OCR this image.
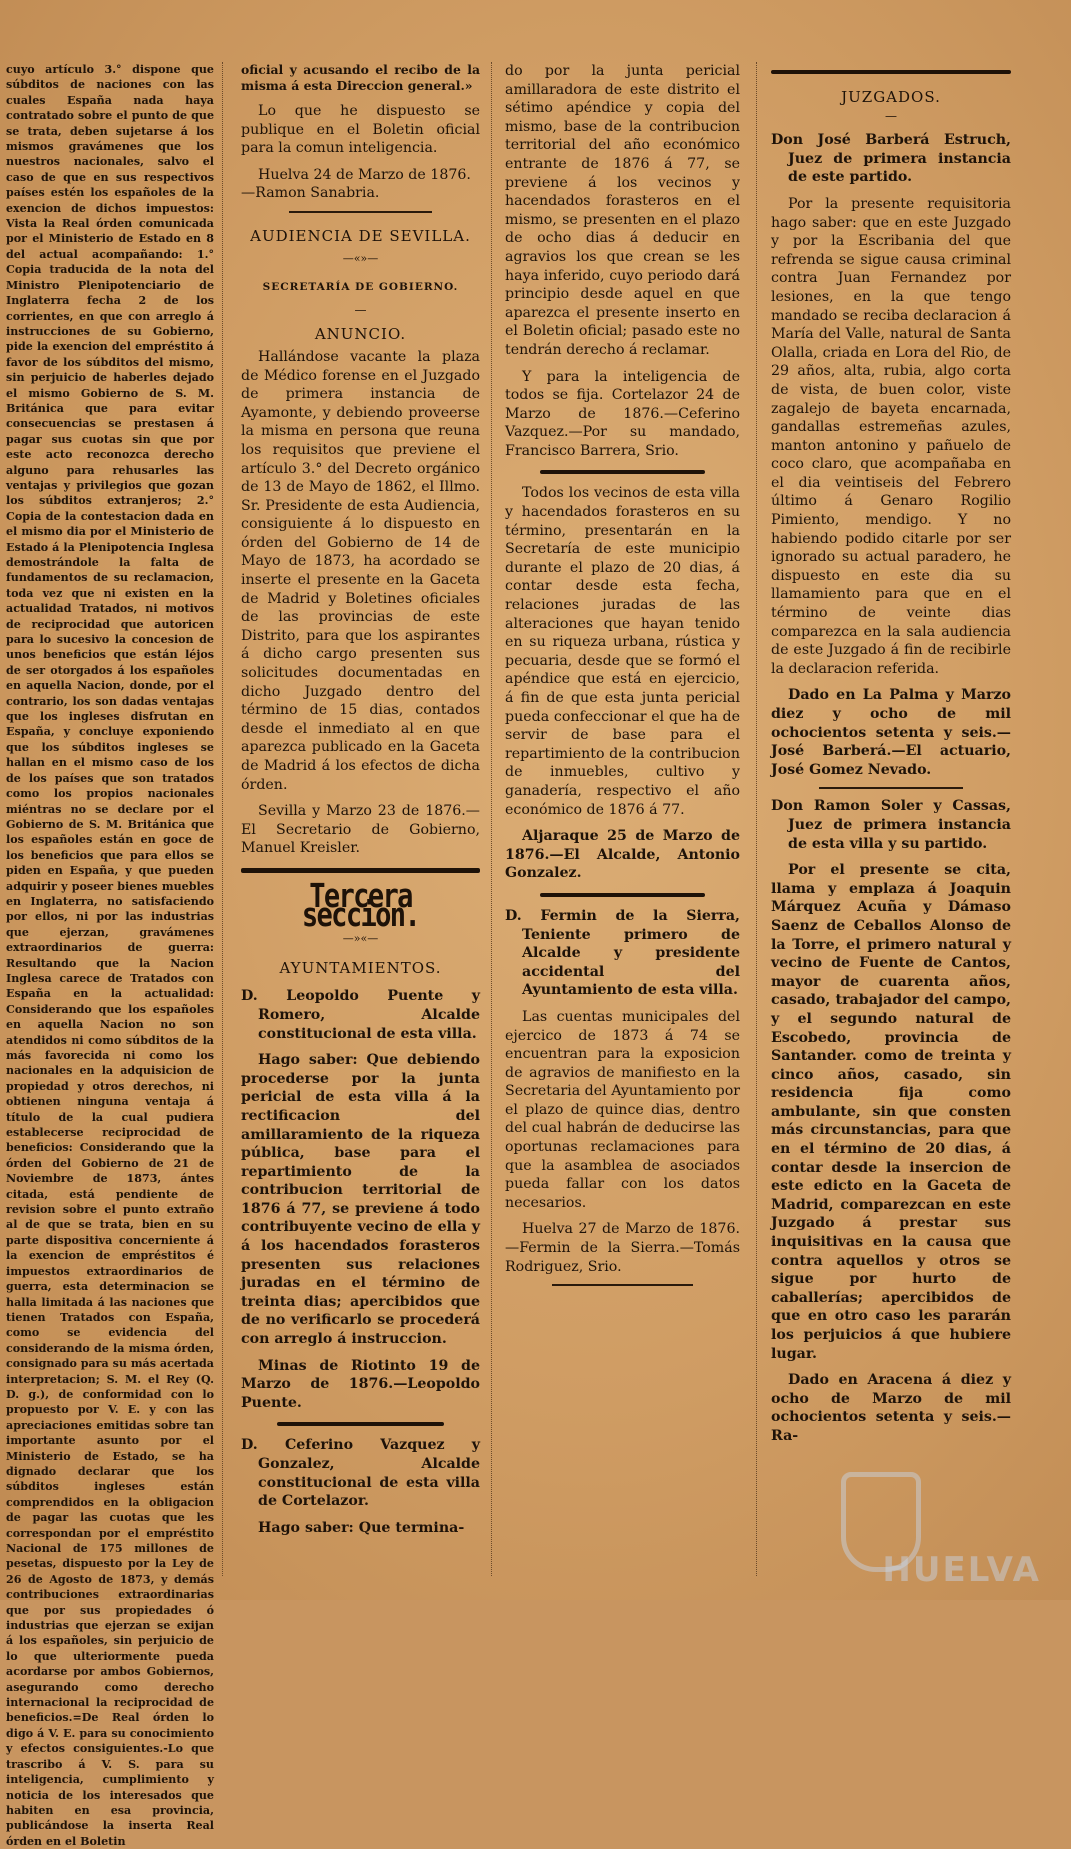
cuyo artículo 3.° dispone que súbditos de naciones con las cuales España nada haya contratado sobre el punto de que se trata, deben sujetarse á los mismos gravámenes que los nuestros nacionales, salvo el caso de que en sus respectivos países estén los españoles de la exencion de dichos impuestos: Vista la Real órden comunicada por el Ministerio de Estado en 8 del actual acompañando: 1.° Copia traducida de la nota del Ministro Plenipotenciario de Inglaterra fecha 2 de los corrientes, en que con arreglo á instrucciones de su Gobierno, pide la exencion del empréstito á favor de los súbditos del mismo, sin perjuicio de haberles dejado el mismo Gobierno de S. M. Británica que para evitar consecuencias se prestasen á pagar sus cuotas sin que por este acto reconozca derecho alguno para rehusarles las ventajas y privilegios que gozan los súbditos extranjeros; 2.° Copia de la contestacion dada en el mismo dia por el Ministerio de Estado á la Plenipotencia Inglesa demostrándole la falta de fundamentos de su reclamacion, toda vez que ni existen en la actualidad Tratados, ni motivos de reciprocidad que autoricen para lo sucesivo la concesion de unos beneficios que están léjos de ser otorgados á los españoles en aquella Nacion, donde, por el contrario, los son dadas ventajas que los ingleses disfrutan en España, y concluye exponiendo que los súbditos ingleses se hallan en el mismo caso de los de los países que son tratados como los propios nacionales miéntras no se declare por el Gobierno de S. M. Británica que los españoles están en goce de los beneficios que para ellos se piden en España, y que pueden adquirir y poseer bienes muebles en Inglaterra, no satisfaciendo por ellos, ni por las industrias que ejerzan, gravámenes extraordinarios de guerra: Resultando que la Nacion Inglesa carece de Tratados con España en la actualidad: Considerando que los españoles en aquella Nacion no son atendidos ni como súbditos de la más favorecida ni como los nacionales en la adquisicion de propiedad y otros derechos, ni obtienen ninguna ventaja á título de la cual pudiera establecerse reciprocidad de beneficios: Considerando que la órden del Gobierno de 21 de Noviembre de 1873, ántes citada, está pendiente de revision sobre el punto extraño al de que se trata, bien en su parte dispositiva concerniente á la exencion de empréstitos é impuestos extraordinarios de guerra, esta determinacion se halla limitada á las naciones que tienen Tratados con España, como se evidencia del considerando de la misma órden, consignado para su más acertada interpretacion; S. M. el Rey (Q. D. g.), de conformidad con lo propuesto por V. E. y con las apreciaciones emitidas sobre tan importante asunto por el Ministerio de Estado, se ha dignado declarar que los súbditos ingleses están comprendidos en la obligacion de pagar las cuotas que les correspondan por el empréstito Nacional de 175 millones de pesetas, dispuesto por la Ley de 26 de Agosto de 1873, y demás contribuciones extraordinarias que por sus propiedades ó industrias que ejerzan se exijan á los españoles, sin perjuicio de lo que ulteriormente pueda acordarse por ambos Gobiernos, asegurando como derecho internacional la reciprocidad de beneficios.=De Real órden lo digo á V. E. para su conocimiento y efectos consiguientes.-Lo que trascribo á V. S. para su inteligencia, cumplimiento y noticia de los interesados que habiten en esa provincia, publicándose la inserta Real órden en el Boletin

oficial y acusando el recibo de la misma á esta Direccion general.»

Lo que he dispuesto se publique en el Boletin oficial para la comun inteligencia.

Huelva 24 de Marzo de 1876.

—Ramon Sanabria.

AUDIENCIA DE SEVILLA.
—«»—
SECRETARÍA DE GOBIERNO.
—
ANUNCIO.

Hallándose vacante la plaza de Médico forense en el Juzgado de primera instancia de Ayamonte, y debiendo proveerse la misma en persona que reuna los requisitos que previene el artículo 3.° del Decreto orgánico de 13 de Mayo de 1862, el Illmo. Sr. Presidente de esta Audiencia, consiguiente á lo dispuesto en órden del Gobierno de 14 de Mayo de 1873, ha acordado se inserte el presente en la Gaceta de Madrid y Boletines oficiales de las provincias de este Distrito, para que los aspirantes á dicho cargo presenten sus solicitudes documentadas en dicho Juzgado dentro del término de 15 dias, contados desde el inmediato al en que aparezca publicado en la Gaceta de Madrid á los efectos de dicha órden.

Sevilla y Marzo 23 de 1876.—El Secretario de Gobierno, Manuel Kreisler.

Tercera seccion.
—»«—
AYUNTAMIENTOS.

D. Leopoldo Puente y Romero, Alcalde constitucional de esta villa.

Hago saber: Que debiendo procederse por la junta pericial de esta villa á la rectificacion del amillaramiento de la riqueza pública, base para el repartimiento de la contribucion territorial de 1876 á 77, se previene á todo contribuyente vecino de ella y á los hacendados forasteros presenten sus relaciones juradas en el término de treinta dias; apercibidos que de no verificarlo se procederá con arreglo á instruccion.

Minas de Riotinto 19 de Marzo de 1876.—Leopoldo Puente.

D. Ceferino Vazquez y Gonzalez, Alcalde constitucional de esta villa de Cortelazor.

Hago saber: Que termina-

do por la junta pericial amillaradora de este distrito el sétimo apéndice y copia del mismo, base de la contribucion territorial del año económico entrante de 1876 á 77, se previene á los vecinos y hacendados forasteros en el mismo, se presenten en el plazo de ocho dias á deducir en agravios los que crean se les haya inferido, cuyo periodo dará principio desde aquel en que aparezca el presente inserto en el Boletin oficial; pasado este no tendrán derecho á reclamar.

Y para la inteligencia de todos se fija. Cortelazor 24 de Marzo de 1876.—Ceferino Vazquez.—Por su mandado, Francisco Barrera, Srio.

Todos los vecinos de esta villa y hacendados forasteros en su término, presentarán en la Secretaría de este municipio durante el plazo de 20 dias, á contar desde esta fecha, relaciones juradas de las alteraciones que hayan tenido en su riqueza urbana, rústica y pecuaria, desde que se formó el apéndice que está en ejercicio, á fin de que esta junta pericial pueda confeccionar el que ha de servir de base para el repartimiento de la contribucion de inmuebles, cultivo y ganadería, respectivo el año económico de 1876 á 77.

Aljaraque 25 de Marzo de 1876.—El Alcalde, Antonio Gonzalez.

D. Fermin de la Sierra, Teniente primero de Alcalde y presidente accidental del Ayuntamiento de esta villa.

Las cuentas municipales del ejercico de 1873 á 74 se encuentran para la exposicion de agravios de manifiesto en la Secretaria del Ayuntamiento por el plazo de quince dias, dentro del cual habrán de deducirse las oportunas reclamaciones para que la asamblea de asociados pueda fallar con los datos necesarios.

Huelva 27 de Marzo de 1876.—Fermin de la Sierra.—Tomás Rodriguez, Srio.

JUZGADOS.
—

Don José Barberá Estruch, Juez de primera instancia de este partido.

Por la presente requisitoria hago saber: que en este Juzgado y por la Escribania del que refrenda se sigue causa criminal contra Juan Fernandez por lesiones, en la que tengo mandado se reciba declaracion á María del Valle, natural de Santa Olalla, criada en Lora del Rio, de 29 años, alta, rubia, algo corta de vista, de buen color, viste zagalejo de bayeta encarnada, gandallas estremeñas azules, manton antonino y pañuelo de coco claro, que acompañaba en el dia veintiseis del Febrero último á Genaro Rogilio Pimiento, mendigo. Y no habiendo podido citarle por ser ignorado su actual paradero, he dispuesto en este dia su llamamiento para que en el término de veinte dias comparezca en la sala audiencia de este Juzgado á fin de recibirle la declaracion referida.

Dado en La Palma y Marzo diez y ocho de mil ochocientos setenta y seis.—José Barberá.—El actuario, José Gomez Nevado.

Don Ramon Soler y Cassas, Juez de primera instancia de esta villa y su partido.

Por el presente se cita, llama y emplaza á Joaquin Márquez Acuña y Dámaso Saenz de Ceballos Alonso de la Torre, el primero natural y vecino de Fuente de Cantos, mayor de cuarenta años, casado, trabajador del campo, y el segundo natural de Escobedo, provincia de Santander. como de treinta y cinco años, casado, sin residencia fija como ambulante, sin que consten más circunstancias, para que en el término de 20 dias, á contar desde la insercion de este edicto en la Gaceta de Madrid, comparezcan en este Juzgado á prestar sus inquisitivas en la causa que contra aquellos y otros se sigue por hurto de caballerías; apercibidos de que en otro caso les pararán los perjuicios á que hubiere lugar.

Dado en Aracena á diez y ocho de Marzo de mil ochocientos setenta y seis.—Ra-

HUELVA
